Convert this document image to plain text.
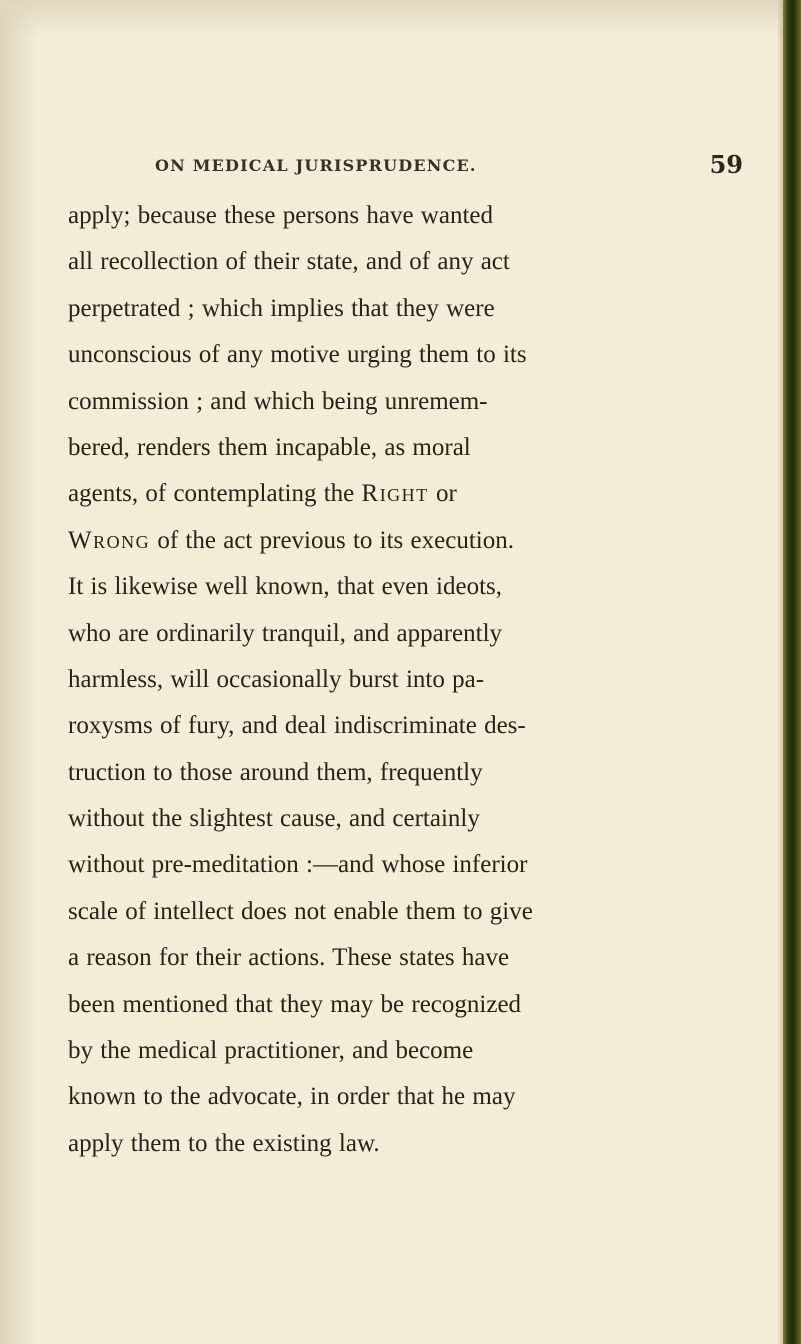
ON MEDICAL JURISPRUDENCE.	59
apply; because these persons have wanted
all recollection of their state, and of any act
perpetrated ; which implies that they were
unconscious of any motive urging them to its
commission ; and which being unremem-
bered, renders them incapable, as moral
agents, of contemplating the Right or
Wrong of the act previous to its execution.
It is likewise well known, that even ideots,
who are ordinarily tranquil, and apparently
harmless, will occasionally burst into pa-
roxysms of fury, and deal indiscriminate des-
truction to those around them, frequently
without the slightest cause, and certainly
without pre-meditation :—and whose inferior
scale of intellect does not enable them to give
a reason for their actions. These states have
been mentioned that they may be recognized
by the medical practitioner, and become
known to the advocate, in order that he may
apply them to the existing law.
